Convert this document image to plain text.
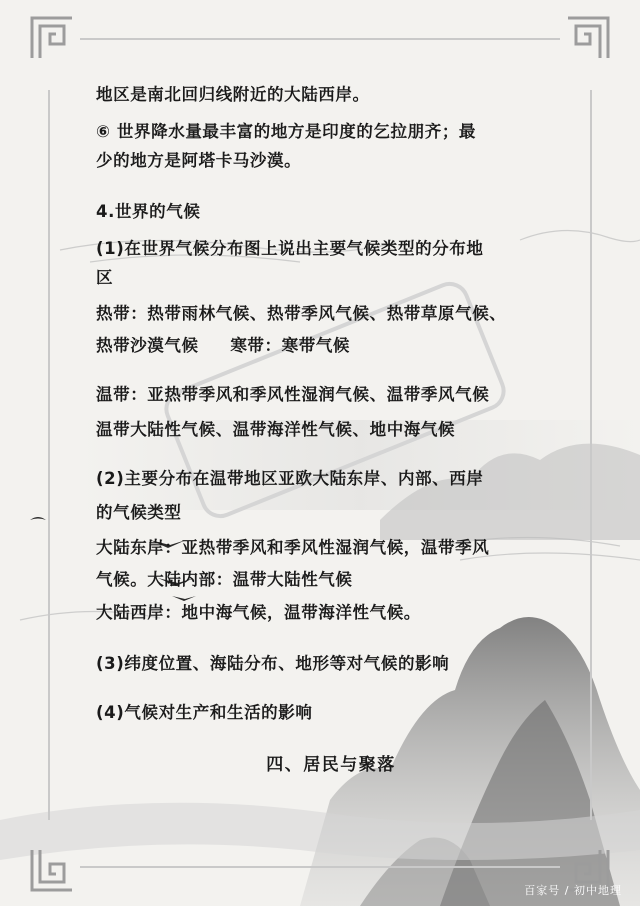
地区是南北回归线附近的大陆西岸。
⑥ 世界降水量最丰富的地方是印度的乞拉朋齐；最
少的地方是阿塔卡马沙漠。
4.世界的气候
(1)在世界气候分布图上说出主要气候类型的分布地
区
热带：热带雨林气候、热带季风气候、热带草原气候、
热带沙漠气候     寒带：寒带气候
温带：亚热带季风和季风性湿润气候、温带季风气候
温带大陆性气候、温带海洋性气候、地中海气候
(2)主要分布在温带地区亚欧大陆东岸、内部、西岸
的气候类型
大陆东岸：亚热带季风和季风性湿润气候，温带季风
气候。大陆内部：温带大陆性气候
大陆西岸：地中海气候，温带海洋性气候。
(3)纬度位置、海陆分布、地形等对气候的影响
(4)气候对生产和生活的影响
四、居民与聚落
百家号 / 初中地理
